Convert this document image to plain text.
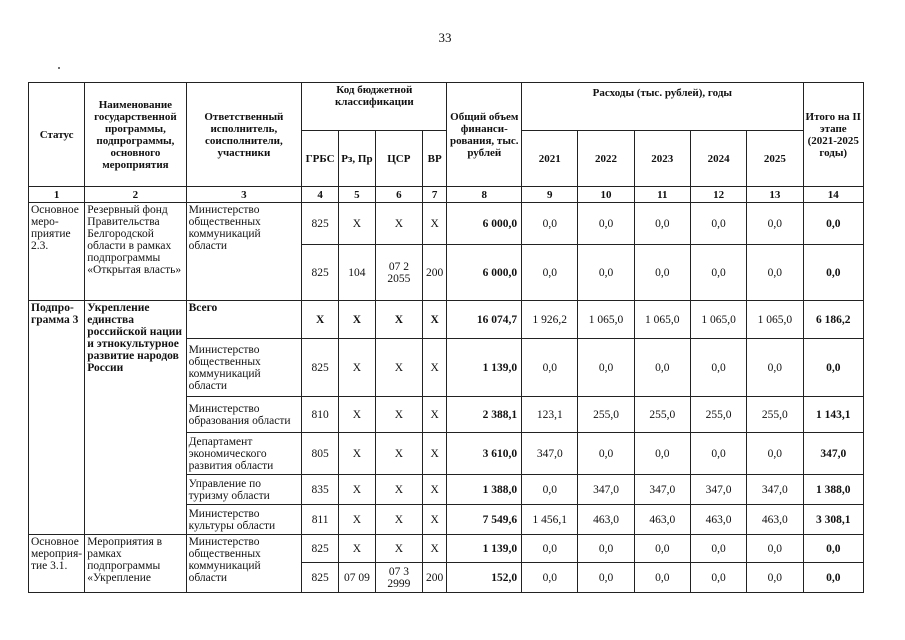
33
Статус	Наименование государственной программы, подпрограммы, основного мероприятия	Ответственный исполнитель, соисполнители, участники	Код бюджетной классификации				Общий объем финанси-рования, тыс. рублей	Расходы (тыс. рублей), годы					Итого на II этапе (2021-2025 годы)
			ГРБС	Рз, Пр	ЦСР	ВР		2021	2022	2023	2024	2025	
1	2	3	4	5	6	7	8	9	10	11	12	13	14
Основное меро-приятие 2.3.	Резервный фонд Правительства Белгородской области в рамках подпрограммы «Открытая власть»	Министерство общественных коммуникаций области	825	Х	Х	Х	6 000,0	0,0	0,0	0,0	0,0	0,0	0,0
			825	104	07 2 2055	200	6 000,0	0,0	0,0	0,0	0,0	0,0	0,0
Подпро-грамма 3	Укрепление единства российской нации и этнокультурное развитие народов России	Всего	Х	Х	Х	Х	16 074,7	1 926,2	1 065,0	1 065,0	1 065,0	1 065,0	6 186,2
		Министерство общественных коммуникаций области	825	Х	Х	Х	1 139,0	0,0	0,0	0,0	0,0	0,0	0,0
		Министерство образования области	810	Х	Х	Х	2 388,1	123,1	255,0	255,0	255,0	255,0	1 143,1
		Департамент экономического развития области	805	Х	Х	Х	3 610,0	347,0	0,0	0,0	0,0	0,0	347,0
		Управление по туризму области	835	Х	Х	Х	1 388,0	0,0	347,0	347,0	347,0	347,0	1 388,0
		Министерство культуры области	811	Х	Х	Х	7 549,6	1 456,1	463,0	463,0	463,0	463,0	3 308,1
Основное мероприя-тие 3.1.	Мероприятия в рамках подпрограммы «Укрепление	Министерство общественных коммуникаций области	825	Х	Х	Х	1 139,0	0,0	0,0	0,0	0,0	0,0	0,0
			825	07 09	07 3 2999	200	152,0	0,0	0,0	0,0	0,0	0,0	0,0
